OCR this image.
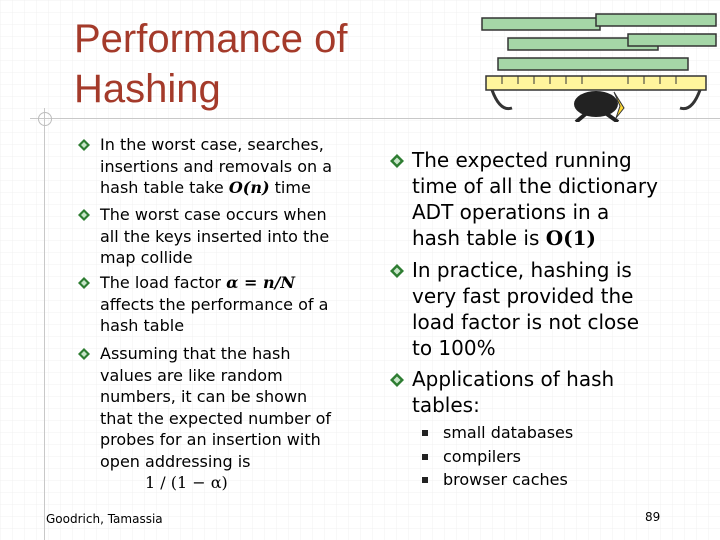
Performance of
Hashing
In the worst case, searches,
insertions and removals on a
hash table take O(n) time
The worst case occurs when
all the keys inserted into the
map collide
The load factor α = n/N
affects the performance of a
hash table
Assuming that the hash
values are like random
numbers, it can be shown
that the expected number of
probes for an insertion with
open addressing is
1 / (1 − α)
The expected running
time of all the dictionary
ADT operations in a
hash table is O(1)
In practice, hashing is
very fast provided the
load factor is not close
to 100%
Applications of hash
tables:
small databases
compilers
browser caches
Goodrich, Tamassia	89
